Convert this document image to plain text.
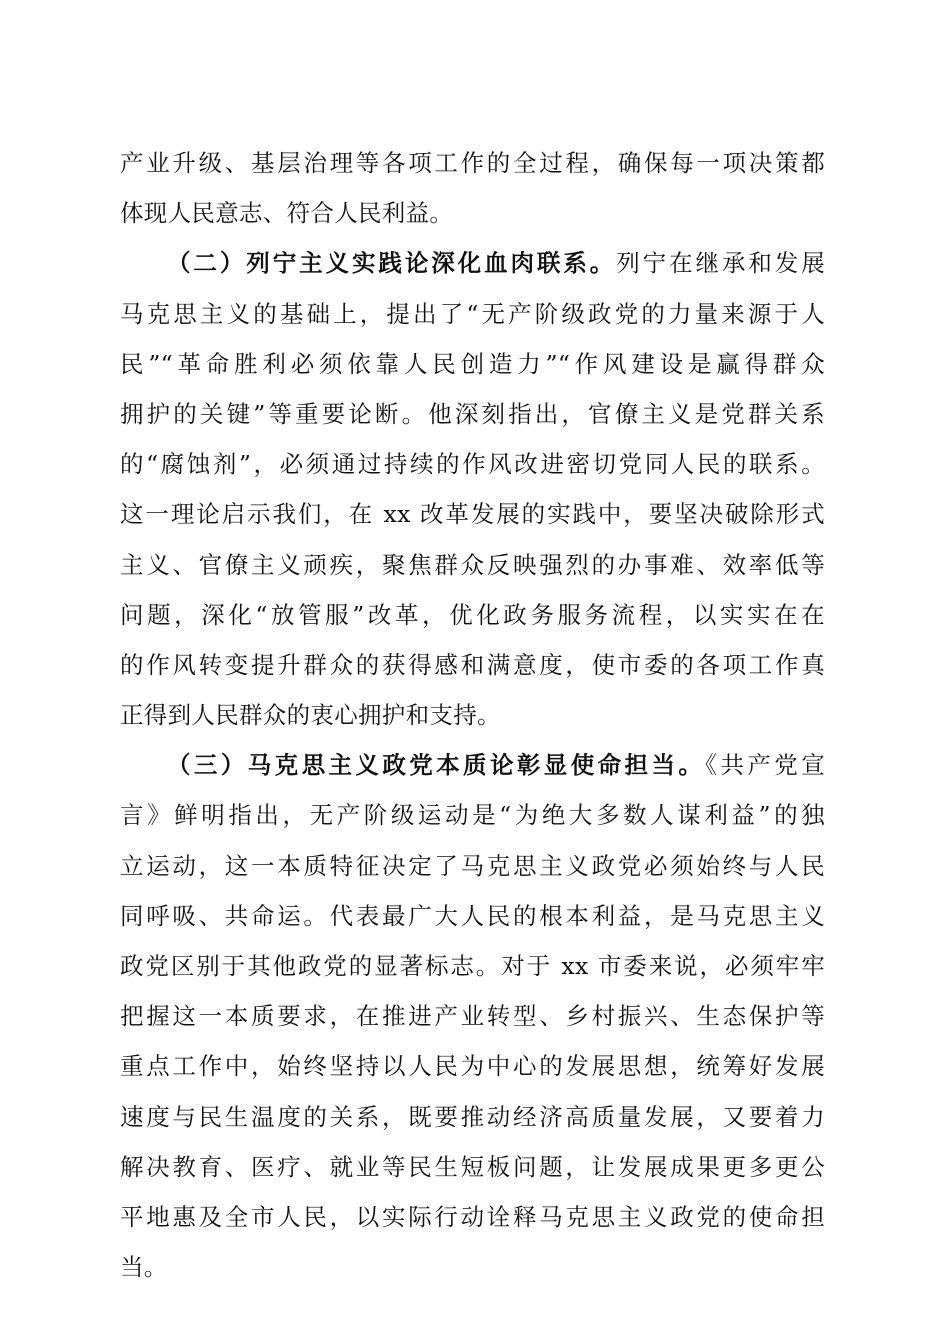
产业升级、基层治理等各项工作的全过程，确保每一项决策都
体现人民意志、符合人民利益。
（二）列宁主义实践论深化血肉联系。列宁在继承和发展
马克思主义的基础上，提出了“无产阶级政党的力量来源于人
民”“革命胜利必须依靠人民创造力”“作风建设是赢得群众
拥护的关键”等重要论断。他深刻指出，官僚主义是党群关系
的“腐蚀剂”，必须通过持续的作风改进密切党同人民的联系。
这一理论启示我们，在 xx 改革发展的实践中，要坚决破除形式
主义、官僚主义顽疾，聚焦群众反映强烈的办事难、效率低等
问题，深化“放管服”改革，优化政务服务流程，以实实在在
的作风转变提升群众的获得感和满意度，使市委的各项工作真
正得到人民群众的衷心拥护和支持。
（三）马克思主义政党本质论彰显使命担当。《共产党宣
言》鲜明指出，无产阶级运动是“为绝大多数人谋利益”的独
立运动，这一本质特征决定了马克思主义政党必须始终与人民
同呼吸、共命运。代表最广大人民的根本利益，是马克思主义
政党区别于其他政党的显著标志。对于 xx 市委来说，必须牢牢
把握这一本质要求，在推进产业转型、乡村振兴、生态保护等
重点工作中，始终坚持以人民为中心的发展思想，统筹好发展
速度与民生温度的关系，既要推动经济高质量发展，又要着力
解决教育、医疗、就业等民生短板问题，让发展成果更多更公
平地惠及全市人民，以实际行动诠释马克思主义政党的使命担
当。
